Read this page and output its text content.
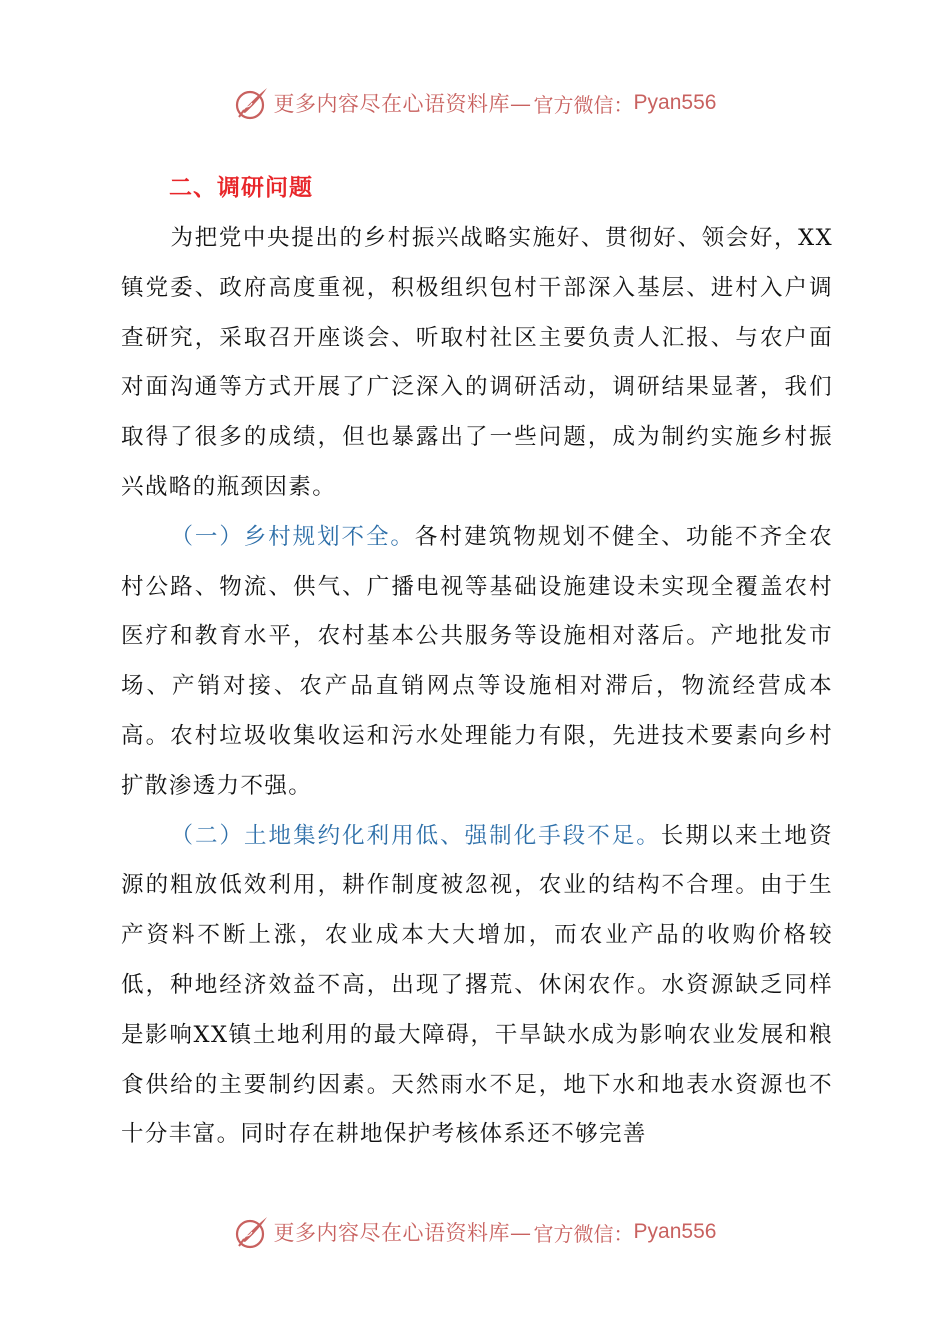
更多内容尽在心语资料库— 官方微信： Pyan556
二、调研问题

为把党中央提出的乡村振兴战略实施好、贯彻好、领会好，XX镇党委、政府高度重视，积极组织包村干部深入基层、进村入户调查研究，采取召开座谈会、听取村社区主要负责人汇报、与农户面对面沟通等方式开展了广泛深入的调研活动，调研结果显著，我们取得了很多的成绩，但也暴露出了一些问题，成为制约实施乡村振兴战略的瓶颈因素。

（一）乡村规划不全。各村建筑物规划不健全、功能不齐全农村公路、物流、供气、广播电视等基础设施建设未实现全覆盖农村医疗和教育水平，农村基本公共服务等设施相对落后。产地批发市场、产销对接、农产品直销网点等设施相对滞后，物流经营成本高。农村垃圾收集收运和污水处理能力有限，先进技术要素向乡村扩散渗透力不强。

（二）土地集约化利用低、强制化手段不足。长期以来土地资源的粗放低效利用，耕作制度被忽视，农业的结构不合理。由于生产资料不断上涨，农业成本大大增加，而农业产品的收购价格较低，种地经济效益不高，出现了撂荒、休闲农作。水资源缺乏同样是影响XX镇土地利用的最大障碍，干旱缺水成为影响农业发展和粮食供给的主要制约因素。天然雨水不足，地下水和地表水资源也不十分丰富。同时存在耕地保护考核体系还不够完善

更多内容尽在心语资料库— 官方微信： Pyan556
